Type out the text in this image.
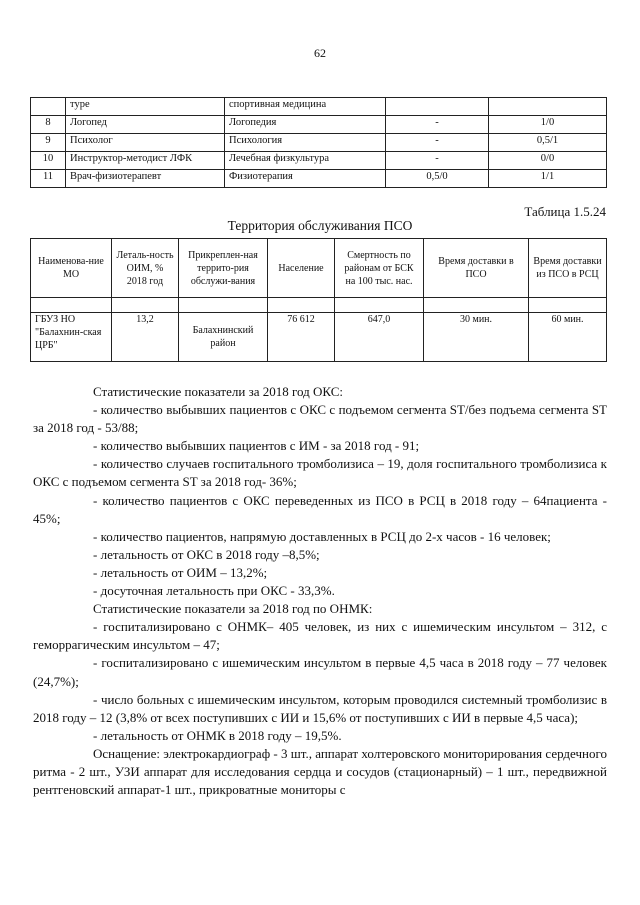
62
	туре	спортивная медицина		
8	Логопед	Логопедия	-	1/0
9	Психолог	Психология	-	0,5/1
10	Инструктор-методист ЛФК	Лечебная физкультура	-	0/0
11	Врач-физиотерапевт	Физиотерапия	0,5/0	1/1
Таблица 1.5.24
Территория обслуживания ПСО
Наименова-ние МО	Леталь-ность ОИМ, % 2018 год	Прикреплен-ная террито-рия обслужи-вания	Население	Смертность по районам от БСК на 100 тыс. нас.	Время доставки в ПСО	Время доставки из ПСО в РСЦ

ГБУЗ НО "Балахнин-ская ЦРБ"	13,2	Балахнинский район	76 612	647,0	30 мин.	60 мин.

Статистические показатели за 2018 год ОКС:

- количество выбывших пациентов с ОКС с подъемом сегмента ST/без подъема сегмента ST за 2018 год - 53/88;

- количество выбывших пациентов с ИМ - за 2018 год - 91;

- количество случаев госпитального тромболизиса – 19, доля госпитального тромболизиса к ОКС с подъемом сегмента ST за 2018 год- 36%;

- количество пациентов с ОКС переведенных из ПСО в РСЦ в 2018 году – 64пациента - 45%;

- количество пациентов, напрямую доставленных в РСЦ до 2-х часов - 16 человек;

- летальность от ОКС в 2018 году –8,5%;

- летальность от ОИМ – 13,2%;

- досуточная летальность при ОКС - 33,3%.

Статистические показатели за 2018 год по ОНМК:

- госпитализировано с ОНМК– 405 человек, из них с ишемическим инсультом – 312, с геморрагическим инсультом – 47;

- госпитализировано с ишемическим инсультом в первые 4,5 часа в 2018 году – 77 человек (24,7%);

- число больных с ишемическим инсультом, которым проводился системный тромболизис в 2018 году – 12 (3,8% от всех поступивших с ИИ и 15,6% от поступивших с ИИ в первые 4,5 часа);

- летальность от ОНМК в 2018 году – 19,5%.

Оснащение: электрокардиограф - 3 шт., аппарат холтеровского мониторирования сердечного ритма - 2 шт., УЗИ аппарат для исследования сердца и сосудов (стационарный) – 1 шт., передвижной рентгеновский аппарат-1 шт., прикроватные мониторы с
